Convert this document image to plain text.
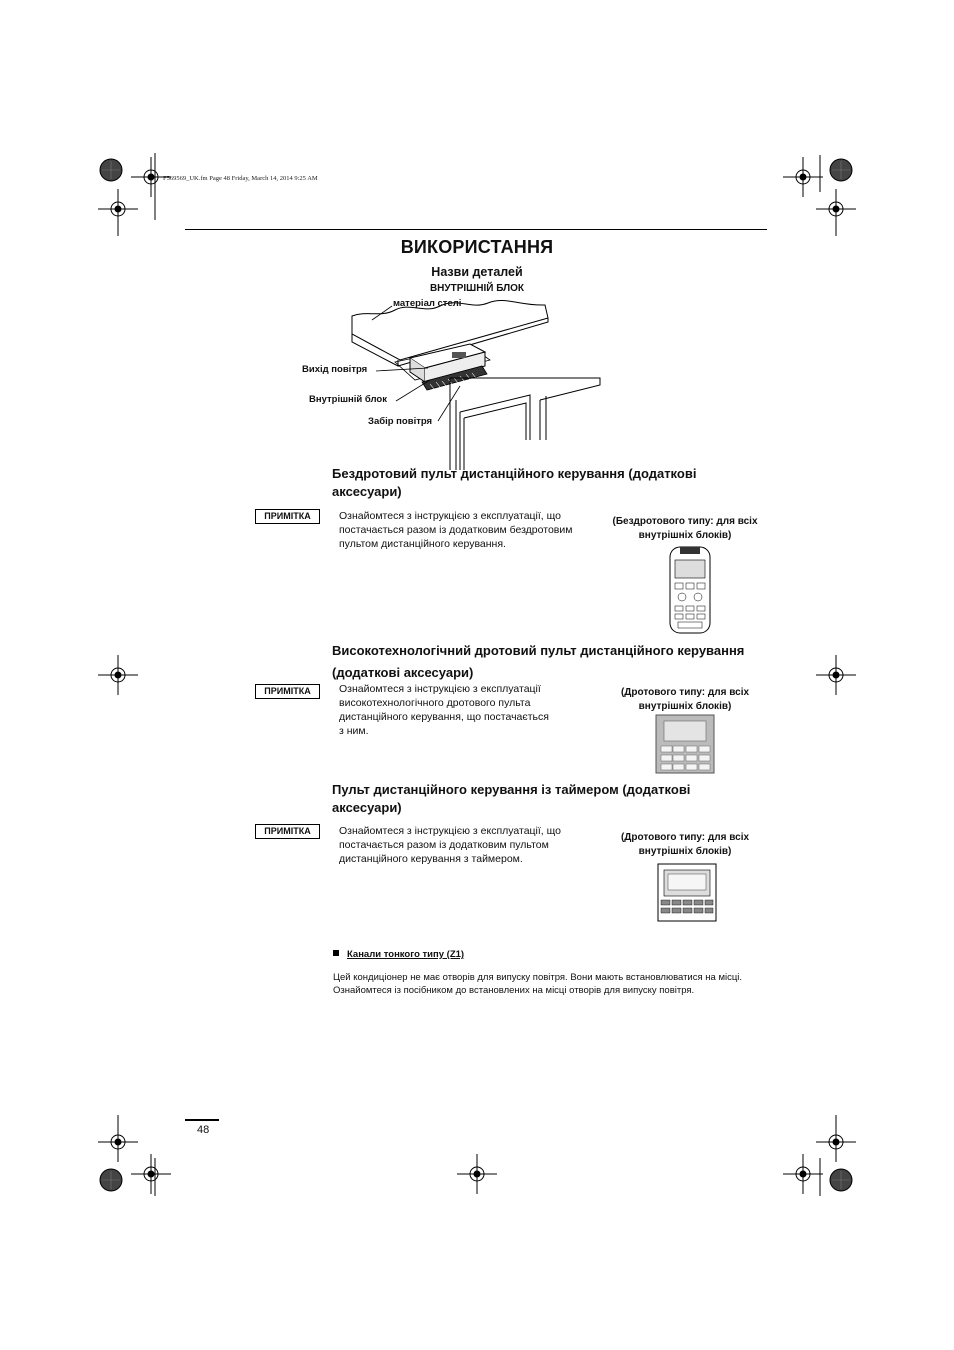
F569569_UK.fm Page 48 Friday, March 14, 2014 9:25 AM
ВИКОРИСТАННЯ
Назви деталей
ВНУТРІШНІЙ БЛОК
матеріал стелі
Вихід повітря
Внутрішній блок
Забір повітря
Бездротовий пульт дистанційного керування (додаткові аксесуари)
ПРИМІТКА	Ознайомтеся з інструкцією з експлуатації, що постачається разом із додатковим бездротовим пультом дистанційного керування.
(Бездротового типу: для всіх внутрішніх блоків)
Високотехнологічний дротовий пульт дистанційного керування (додаткові аксесуари)
ПРИМІТКА	Ознайомтеся з інструкцією з експлуатації високотехнологічного дротового пульта дистанційного керування, що постачається з ним.
(Дротового типу: для всіх внутрішніх блоків)
Пульт дистанційного керування із таймером (додаткові аксесуари)
ПРИМІТКА	Ознайомтеся з інструкцією з експлуатації, що постачається разом із додатковим пультом дистанційного керування з таймером.
(Дротового типу: для всіх внутрішніх блоків)
Канали тонкого типу (Z1)
Цей кондиціонер не має отворів для випуску повітря. Вони мають встановлюватися на місці. Ознайомтеся із посібником до встановлених на місці отворів для випуску повітря.
48
